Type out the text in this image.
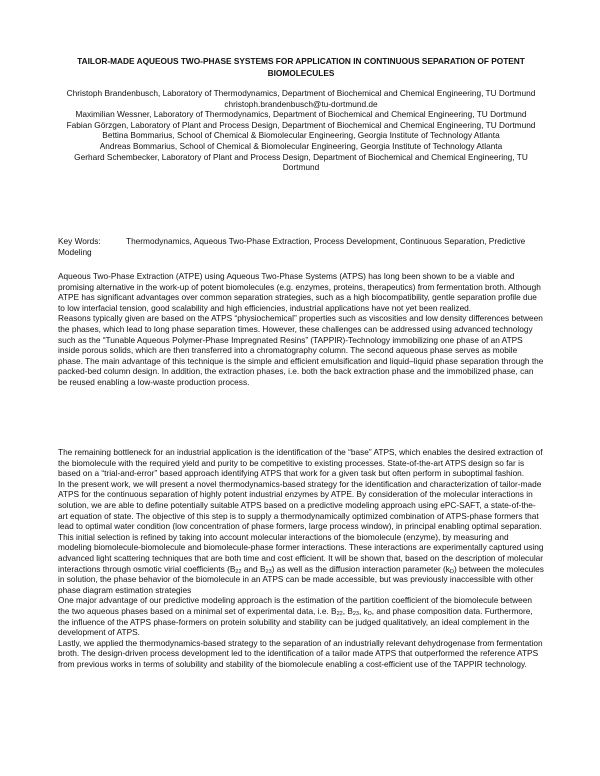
TAILOR-MADE AQUEOUS TWO-PHASE SYSTEMS FOR APPLICATION IN CONTINUOUS SEPARATION OF POTENT BIOMOLECULES
Christoph Brandenbusch, Laboratory of Thermodynamics, Department of Biochemical and Chemical Engineering, TU Dortmund
christoph.brandenbusch@tu-dortmund.de
Maximilian Wessner, Laboratory of Thermodynamics, Department of Biochemical and Chemical Engineering, TU Dortmund
Fabian Görzgen, Laboratory of Plant and Process Design, Department of Biochemical and Chemical Engineering, TU Dortmund
Bettina Bommarius, School of Chemical & Biomolecular Engineering, Georgia Institute of Technology Atlanta
Andreas Bommarius, School of Chemical & Biomolecular Engineering, Georgia Institute of Technology Atlanta
Gerhard Schembecker, Laboratory of Plant and Process Design, Department of Biochemical and Chemical Engineering, TU Dortmund
Key Words:	Thermodynamics, Aqueous Two-Phase Extraction, Process Development, Continuous Separation, Predictive Modeling

Aqueous Two-Phase Extraction (ATPE) using Aqueous Two-Phase Systems (ATPS) has long been shown to be a viable and promising alternative in the work-up of potent biomolecules (e.g. enzymes, proteins, therapeutics) from fermentation broth. Although ATPE has significant advantages over common separation strategies, such as a high biocompatibility, gentle separation profile due to low interfacial tension, good scalability and high efficiencies, industrial applications have not yet been realized.

Reasons typically given are based on the ATPS “physiochemical” properties such as viscosities and low density differences between the phases, which lead to long phase separation times. However, these challenges can be addressed using advanced technology such as the “Tunable Aqueous Polymer-Phase Impregnated Resins” (TAPPIR)-Technology immobilizing one phase of an ATPS inside porous solids, which are then transferred into a chromatography column. The second aqueous phase serves as mobile phase. The main advantage of this technique is the simple and efficient emulsification and liquid–liquid phase separation through the packed-bed column design. In addition, the extraction phases, i.e. both the back extraction phase and the immobilized phase, can be reused enabling a low-waste production process.

The remaining bottleneck for an industrial application is the identification of the “base” ATPS, which enables the desired extraction of the biomolecule with the required yield and purity to be competitive to existing processes. State-of-the-art ATPS design so far is based on a “trial-and-error” based approach identifying ATPS that work for a given task but often perform in suboptimal fashion.

In the present work, we will present a novel thermodynamics-based strategy for the identification and characterization of tailor-made ATPS for the continuous separation of highly potent industrial enzymes by ATPE. By consideration of the molecular interactions in solution, we are able to define potentially suitable ATPS based on a predictive modeling approach using ePC-SAFT, a state-of-the-art equation of state. The objective of this step is to supply a thermodynamically optimized combination of ATPS-phase formers that lead to optimal water condition (low concentration of phase formers, large process window), in principal enabling optimal separation. This initial selection is refined by taking into account molecular interactions of the biomolecule (enzyme), by measuring and modeling biomolecule-biomolecule and biomolecule-phase former interactions. These interactions are experimentally captured using advanced light scattering techniques that are both time and cost efficient. It will be shown that, based on the description of molecular interactions through osmotic virial coefficients ($B_{22}$ and $B_{23}$) as well as the diffusion interaction parameter $(k_D)$ between the molecules in solution, the phase behavior of the biomolecule in an ATPS can be made accessible, but was previously inaccessible with other phase diagram estimation strategies

One major advantage of our predictive modeling approach is the estimation of the partition coefficient of the biomolecule between the two aqueous phases based on a minimal set of experimental data, i.e. $B_{22}$, $B_{23}$, $k_D$, and phase composition data. Furthermore, the influence of the ATPS phase-formers on protein solubility and stability can be judged qualitatively, an ideal complement in the development of ATPS.

Lastly, we applied the thermodynamics-based strategy to the separation of an industrially relevant dehydrogenase from fermentation broth. The design-driven process development led to the identification of a tailor made ATPS that outperformed the reference ATPS from previous works in terms of solubility and stability of the biomolecule enabling a cost-efficient use of the TAPPIR technology.
